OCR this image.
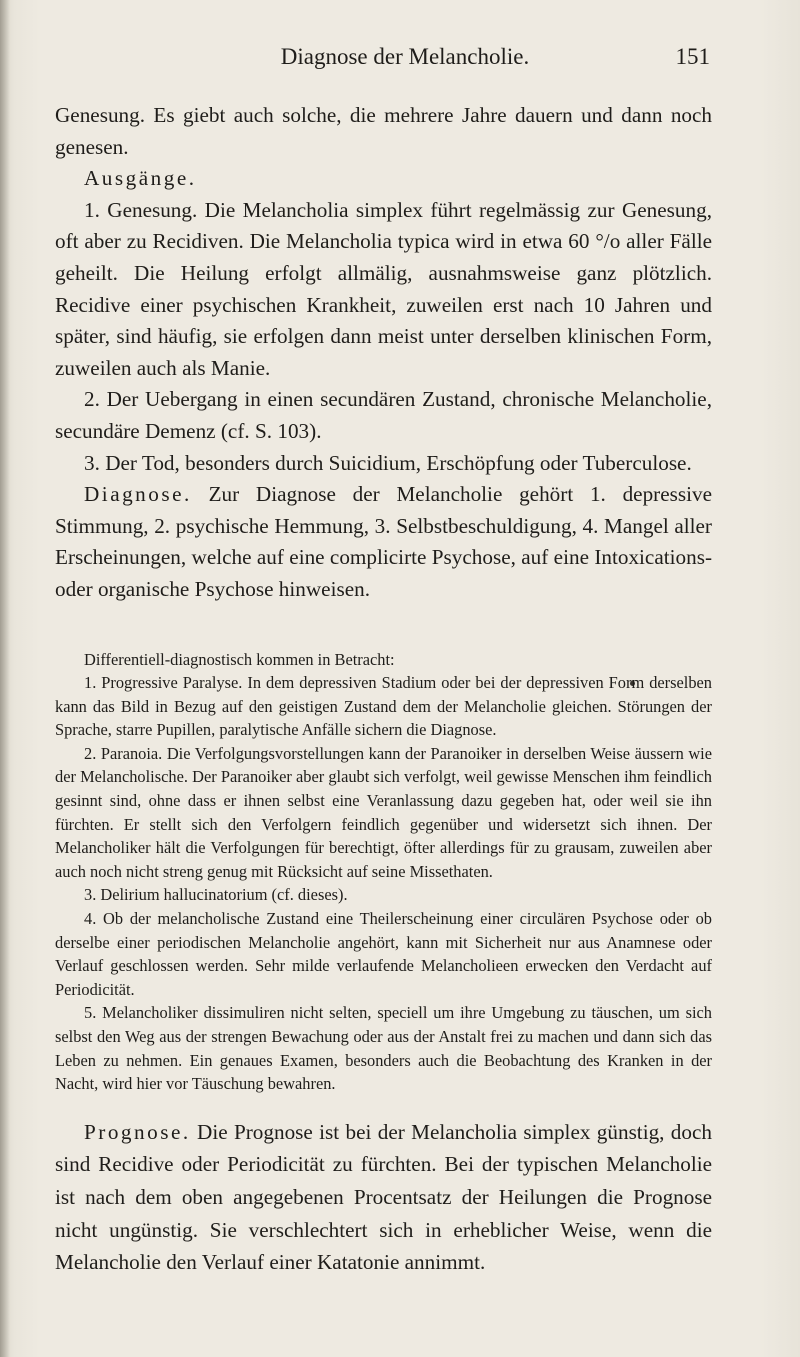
Diagnose der Melancholie.	151

Genesung. Es giebt auch solche, die mehrere Jahre dauern und dann noch genesen.

Ausgänge.

1. Genesung. Die Melancholia simplex führt regelmässig zur Genesung, oft aber zu Recidiven. Die Melancholia typica wird in etwa 60 °/o aller Fälle geheilt. Die Heilung erfolgt allmälig, ausnahmsweise ganz plötzlich. Recidive einer psychischen Krankheit, zuweilen erst nach 10 Jahren und später, sind häufig, sie erfolgen dann meist unter derselben klinischen Form, zuweilen auch als Manie.

2. Der Uebergang in einen secundären Zustand, chronische Melancholie, secundäre Demenz (cf. S. 103).

3. Der Tod, besonders durch Suicidium, Erschöpfung oder Tuberculose.

Diagnose. Zur Diagnose der Melancholie gehört 1. depressive Stimmung, 2. psychische Hemmung, 3. Selbstbeschuldigung, 4. Mangel aller Erscheinungen, welche auf eine complicirte Psychose, auf eine Intoxications- oder organische Psychose hinweisen.

Differentiell-diagnostisch kommen in Betracht:

1. Progressive Paralyse. In dem depressiven Stadium oder bei der depressiven Form derselben kann das Bild in Bezug auf den geistigen Zustand dem der Melancholie gleichen. Störungen der Sprache, starre Pupillen, paralytische Anfälle sichern die Diagnose.

2. Paranoia. Die Verfolgungsvorstellungen kann der Paranoiker in derselben Weise äussern wie der Melancholische. Der Paranoiker aber glaubt sich verfolgt, weil gewisse Menschen ihm feindlich gesinnt sind, ohne dass er ihnen selbst eine Veranlassung dazu gegeben hat, oder weil sie ihn fürchten. Er stellt sich den Verfolgern feindlich gegenüber und widersetzt sich ihnen. Der Melancholiker hält die Verfolgungen für berechtigt, öfter allerdings für zu grausam, zuweilen aber auch noch nicht streng genug mit Rücksicht auf seine Missethaten.

3. Delirium hallucinatorium (cf. dieses).

4. Ob der melancholische Zustand eine Theilerscheinung einer circulären Psychose oder ob derselbe einer periodischen Melancholie angehört, kann mit Sicherheit nur aus Anamnese oder Verlauf geschlossen werden. Sehr milde verlaufende Melancholieen erwecken den Verdacht auf Periodicität.

5. Melancholiker dissimuliren nicht selten, speciell um ihre Umgebung zu täuschen, um sich selbst den Weg aus der strengen Bewachung oder aus der Anstalt frei zu machen und dann sich das Leben zu nehmen. Ein genaues Examen, besonders auch die Beobachtung des Kranken in der Nacht, wird hier vor Täuschung bewahren.

Prognose. Die Prognose ist bei der Melancholia simplex günstig, doch sind Recidive oder Periodicität zu fürchten. Bei der typischen Melancholie ist nach dem oben angegebenen Procentsatz der Heilungen die Prognose nicht ungünstig. Sie verschlechtert sich in erheblicher Weise, wenn die Melancholie den Verlauf einer Katatonie annimmt.
